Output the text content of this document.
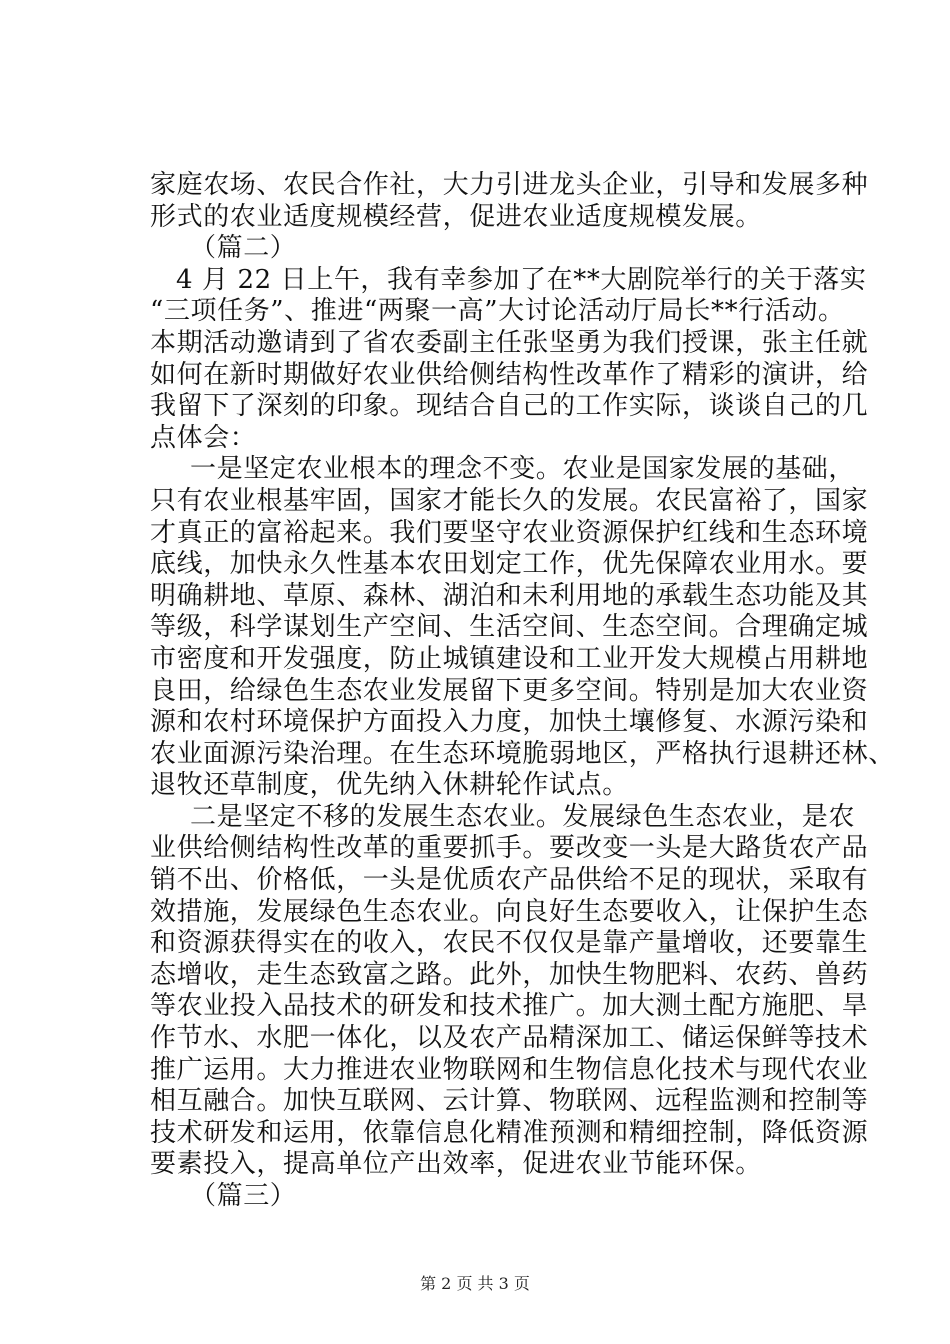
家庭农场、农民合作社，大力引进龙头企业，引导和发展多种
形式的农业适度规模经营，促进农业适度规模发展。
（篇二）
4 月 22 日上午，我有幸参加了在**大剧院举行的关于落实
“三项任务”、推进“两聚一高”大讨论活动厅局长**行活动。
本期活动邀请到了省农委副主任张坚勇为我们授课，张主任就
如何在新时期做好农业供给侧结构性改革作了精彩的演讲，给
我留下了深刻的印象。现结合自己的工作实际，谈谈自己的几
点体会：
一是坚定农业根本的理念不变。农业是国家发展的基础，
只有农业根基牢固，国家才能长久的发展。农民富裕了，国家
才真正的富裕起来。我们要坚守农业资源保护红线和生态环境
底线，加快永久性基本农田划定工作，优先保障农业用水。要
明确耕地、草原、森林、湖泊和未利用地的承载生态功能及其
等级，科学谋划生产空间、生活空间、生态空间。合理确定城
市密度和开发强度，防止城镇建设和工业开发大规模占用耕地
良田，给绿色生态农业发展留下更多空间。特别是加大农业资
源和农村环境保护方面投入力度，加快土壤修复、水源污染和
农业面源污染治理。在生态环境脆弱地区，严格执行退耕还林、
退牧还草制度，优先纳入休耕轮作试点。
二是坚定不移的发展生态农业。发展绿色生态农业，是农
业供给侧结构性改革的重要抓手。要改变一头是大路货农产品
销不出、价格低，一头是优质农产品供给不足的现状，采取有
效措施，发展绿色生态农业。向良好生态要收入，让保护生态
和资源获得实在的收入，农民不仅仅是靠产量增收，还要靠生
态增收，走生态致富之路。此外，加快生物肥料、农药、兽药
等农业投入品技术的研发和技术推广。加大测土配方施肥、旱
作节水、水肥一体化，以及农产品精深加工、储运保鲜等技术
推广运用。大力推进农业物联网和生物信息化技术与现代农业
相互融合。加快互联网、云计算、物联网、远程监测和控制等
技术研发和运用，依靠信息化精准预测和精细控制，降低资源
要素投入，提高单位产出效率，促进农业节能环保。
（篇三）
第 2 页 共 3 页
